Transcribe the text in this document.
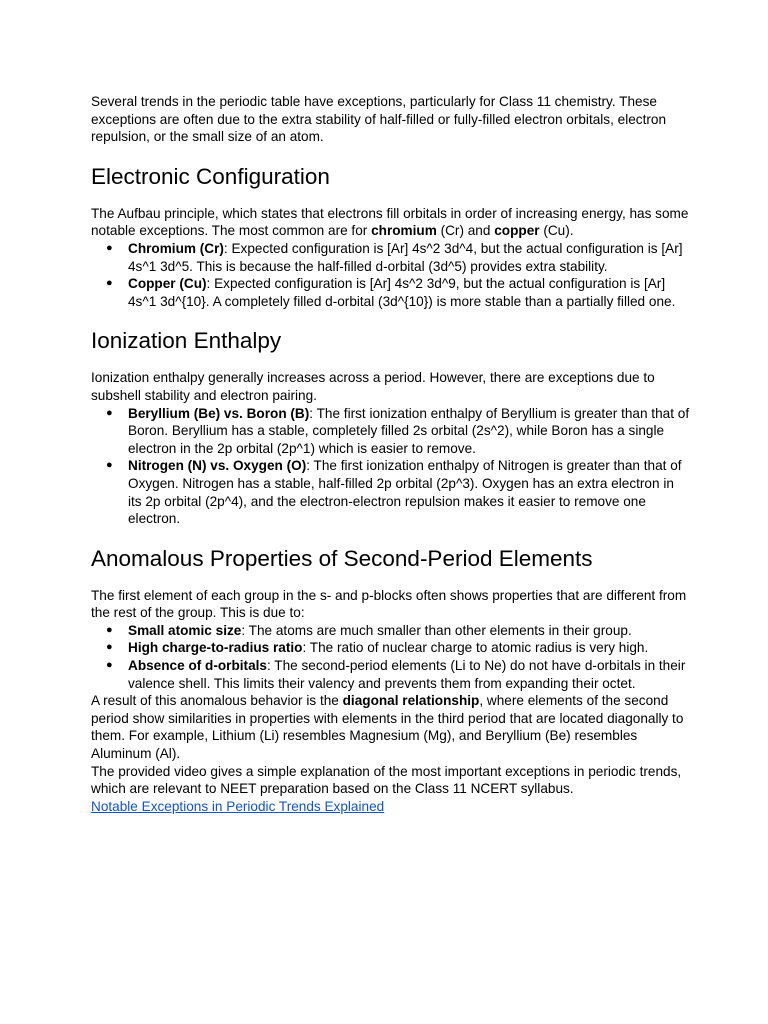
Several trends in the periodic table have exceptions, particularly for Class 11 chemistry. These exceptions are often due to the extra stability of half-filled or fully-filled electron orbitals, electron repulsion, or the small size of an atom.

Electronic Configuration

The Aufbau principle, which states that electrons fill orbitals in order of increasing energy, has some notable exceptions. The most common are for chromium (Cr) and copper (Cu).

● Chromium (Cr): Expected configuration is [Ar] 4s^2 3d^4, but the actual configuration is [Ar] 4s^1 3d^5. This is because the half-filled d-orbital (3d^5) provides extra stability.
● Copper (Cu): Expected configuration is [Ar] 4s^2 3d^9, but the actual configuration is [Ar] 4s^1 3d^{10}. A completely filled d-orbital (3d^{10}) is more stable than a partially filled one.
Ionization Enthalpy

Ionization enthalpy generally increases across a period. However, there are exceptions due to subshell stability and electron pairing.

● Beryllium (Be) vs. Boron (B): The first ionization enthalpy of Beryllium is greater than that of Boron. Beryllium has a stable, completely filled 2s orbital (2s^2), while Boron has a single electron in the 2p orbital (2p^1) which is easier to remove.
● Nitrogen (N) vs. Oxygen (O): The first ionization enthalpy of Nitrogen is greater than that of Oxygen. Nitrogen has a stable, half-filled 2p orbital (2p^3). Oxygen has an extra electron in its 2p orbital (2p^4), and the electron-electron repulsion makes it easier to remove one electron.
Anomalous Properties of Second-Period Elements

The first element of each group in the s- and p-blocks often shows properties that are different from the rest of the group. This is due to:

● Small atomic size: The atoms are much smaller than other elements in their group.
● High charge-to-radius ratio: The ratio of nuclear charge to atomic radius is very high.
● Absence of d-orbitals: The second-period elements (Li to Ne) do not have d-orbitals in their valence shell. This limits their valency and prevents them from expanding their octet.

A result of this anomalous behavior is the diagonal relationship, where elements of the second period show similarities in properties with elements in the third period that are located diagonally to them. For example, Lithium (Li) resembles Magnesium (Mg), and Beryllium (Be) resembles Aluminum (Al).

The provided video gives a simple explanation of the most important exceptions in periodic trends, which are relevant to NEET preparation based on the Class 11 NCERT syllabus.

Notable Exceptions in Periodic Trends Explained
